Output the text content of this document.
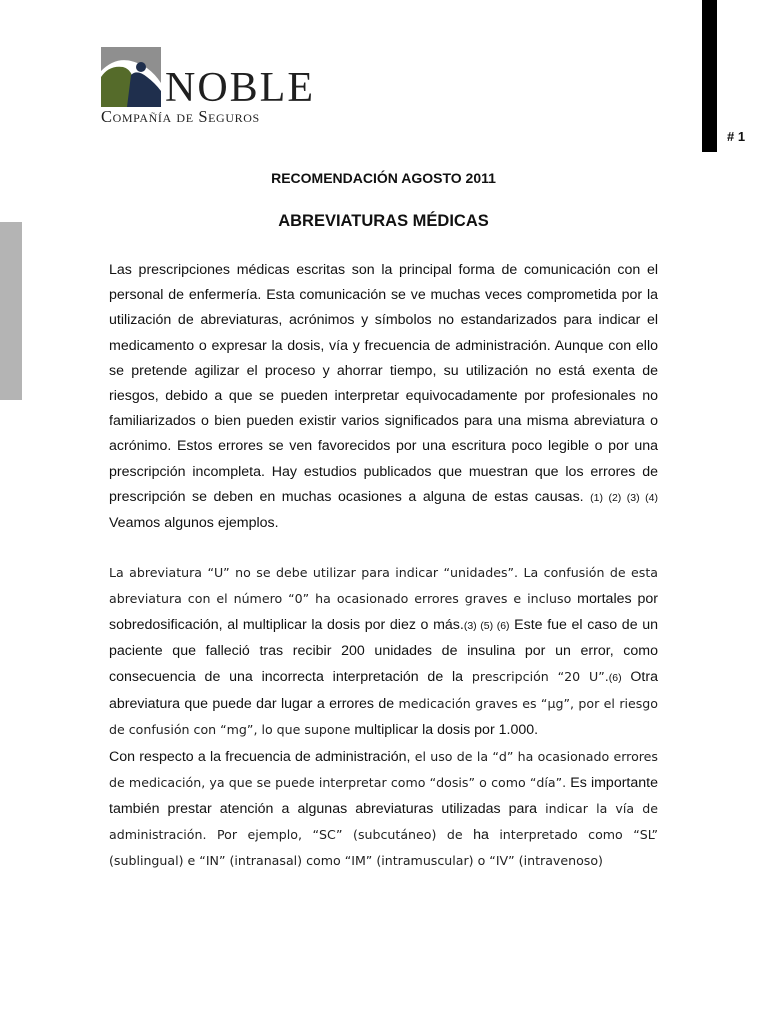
# 1
NOBLE
Compañía de Seguros
RECOMENDACIÓN AGOSTO 2011
ABREVIATURAS MÉDICAS

Las prescripciones médicas escritas son la principal forma de comunicación con el personal de enfermería. Esta comunicación se ve muchas veces comprometida por la utilización de abreviaturas, acrónimos y símbolos no estandarizados para indicar el medicamento o expresar la dosis, vía y frecuencia de administración. Aunque con ello se pretende agilizar el proceso y ahorrar tiempo, su utilización no está exenta de riesgos, debido a que se pueden interpretar equivocadamente por profesionales no familiarizados o bien pueden existir varios significados para una misma abreviatura o acrónimo. Estos errores se ven favorecidos por una escritura poco legible o por una prescripción incompleta. Hay estudios publicados que muestran que los errores de prescripción se deben en muchas ocasiones a alguna de estas causas. (1) (2) (3) (4) Veamos algunos ejemplos.

La abreviatura “U” no se debe utilizar para indicar “unidades”. La confusión de esta abreviatura con el número “0” ha ocasionado errores graves e incluso mortales por sobredosificación, al multiplicar la dosis por diez o más.(3) (5) (6) Este fue el caso de un paciente que falleció tras recibir 200 unidades de insulina por un error, como consecuencia de una incorrecta interpretación de la prescripción “20 U”.(6) Otra abreviatura que puede dar lugar a errores de medicación graves es “µg”, por el riesgo de confusión con “mg”, lo que supone multiplicar la dosis por 1.000.

Con respecto a la frecuencia de administración, el uso de la “d” ha ocasionado errores de medicación, ya que se puede interpretar como “dosis” o como “día”. Es importante también prestar atención a algunas abreviaturas utilizadas para indicar la vía de administración. Por ejemplo, “SC” (subcutáneo) de ha interpretado como “SL” (sublingual) e “IN” (intranasal) como “IM” (intramuscular) o “IV” (intravenoso)
